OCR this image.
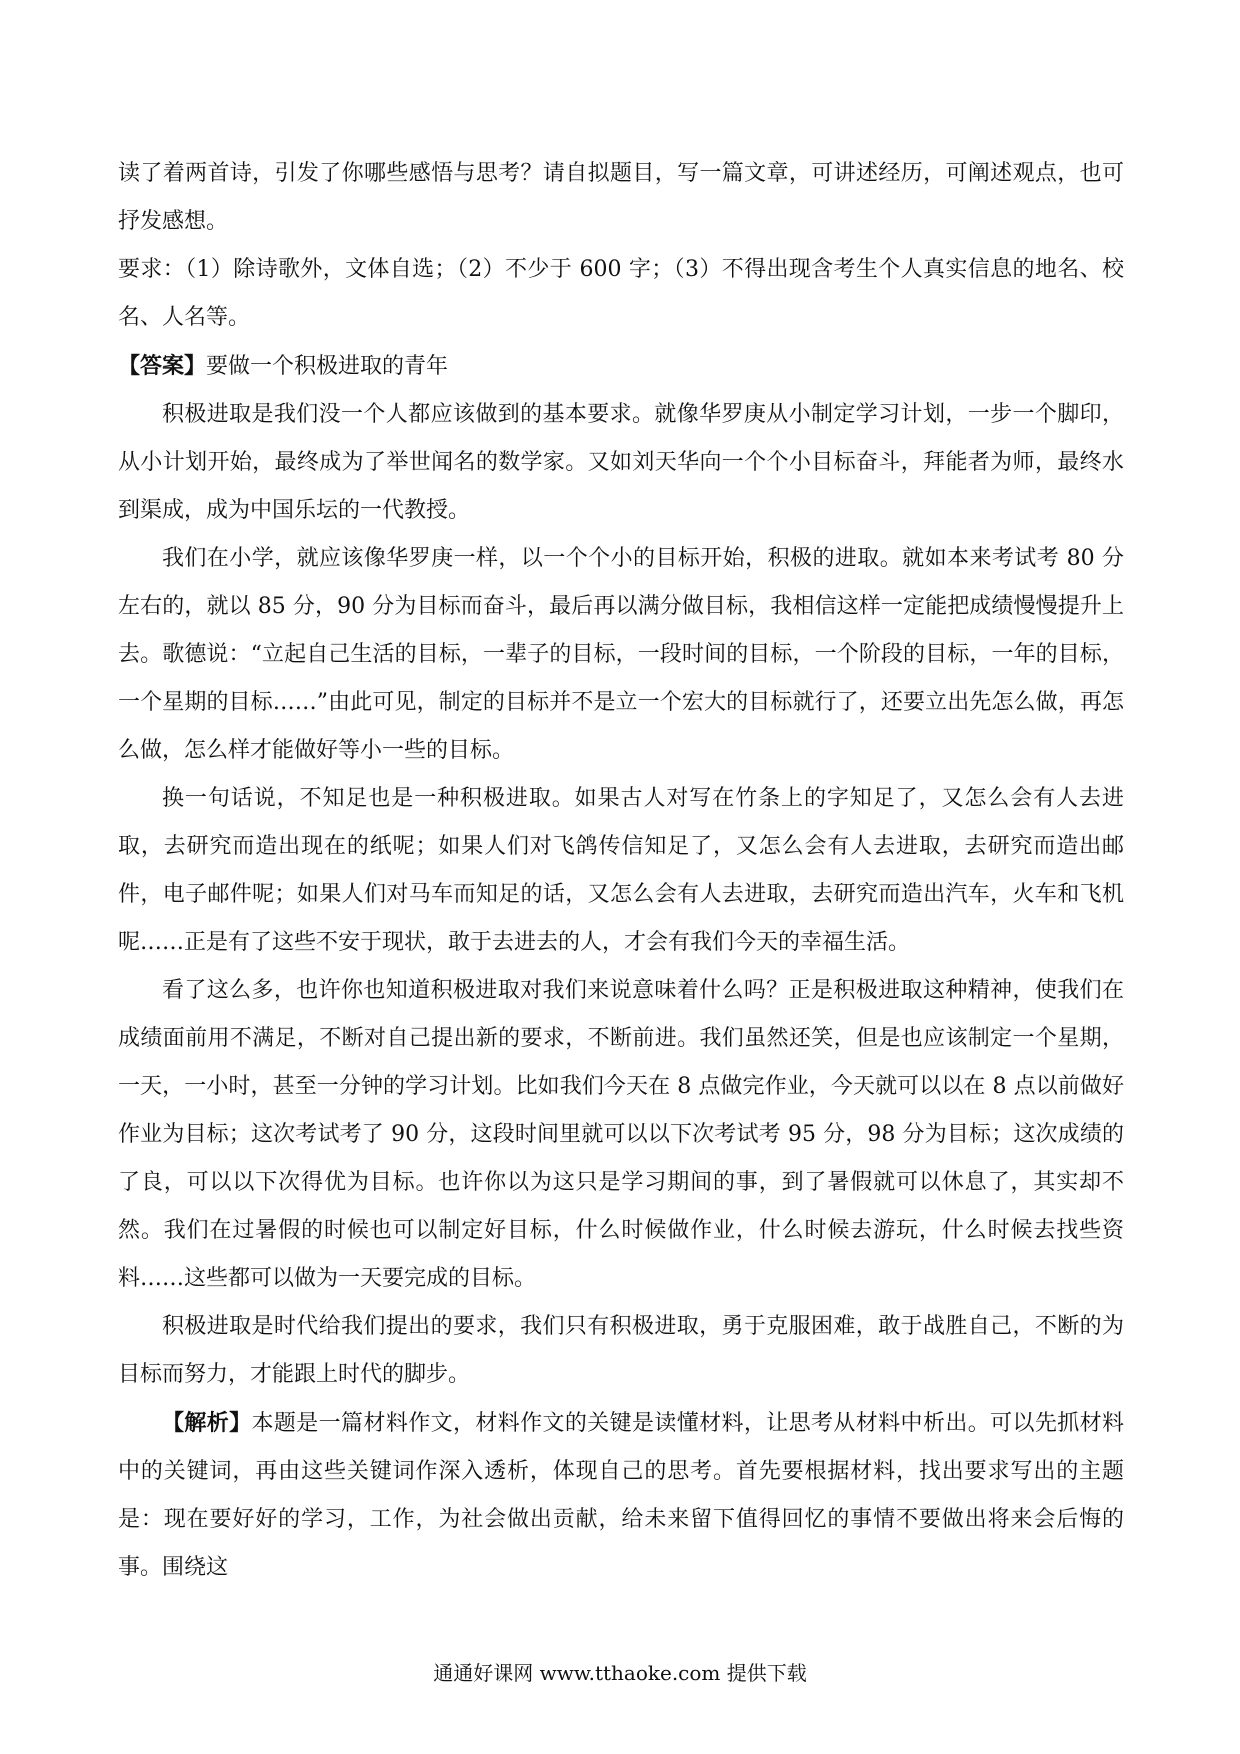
读了着两首诗，引发了你哪些感悟与思考？请自拟题目，写一篇文章，可讲述经历，可阐述观点，也可抒发感想。

要求：（1）除诗歌外，文体自选；（2）不少于 600 字；（3）不得出现含考生个人真实信息的地名、校名、人名等。

【答案】要做一个积极进取的青年

积极进取是我们没一个人都应该做到的基本要求。就像华罗庚从小制定学习计划，一步一个脚印，从小计划开始，最终成为了举世闻名的数学家。又如刘天华向一个个小目标奋斗，拜能者为师，最终水到渠成，成为中国乐坛的一代教授。

我们在小学，就应该像华罗庚一样，以一个个小的目标开始，积极的进取。就如本来考试考 80 分左右的，就以 85 分，90 分为目标而奋斗，最后再以满分做目标，我相信这样一定能把成绩慢慢提升上去。歌德说：“立起自己生活的目标，一辈子的目标，一段时间的目标，一个阶段的目标，一年的目标，一个星期的目标……”由此可见，制定的目标并不是立一个宏大的目标就行了，还要立出先怎么做，再怎么做，怎么样才能做好等小一些的目标。

换一句话说，不知足也是一种积极进取。如果古人对写在竹条上的字知足了，又怎么会有人去进取，去研究而造出现在的纸呢；如果人们对飞鸽传信知足了，又怎么会有人去进取，去研究而造出邮件，电子邮件呢；如果人们对马车而知足的话，又怎么会有人去进取，去研究而造出汽车，火车和飞机呢……正是有了这些不安于现状，敢于去进去的人，才会有我们今天的幸福生活。

看了这么多，也许你也知道积极进取对我们来说意味着什么吗？正是积极进取这种精神，使我们在成绩面前用不满足，不断对自己提出新的要求，不断前进。我们虽然还笑，但是也应该制定一个星期，一天，一小时，甚至一分钟的学习计划。比如我们今天在 8 点做完作业，今天就可以以在 8 点以前做好作业为目标；这次考试考了 90 分，这段时间里就可以以下次考试考 95 分，98 分为目标；这次成绩的了良，可以以下次得优为目标。也许你以为这只是学习期间的事，到了暑假就可以休息了，其实却不然。我们在过暑假的时候也可以制定好目标，什么时候做作业，什么时候去游玩，什么时候去找些资料……这些都可以做为一天要完成的目标。

积极进取是时代给我们提出的要求，我们只有积极进取，勇于克服困难，敢于战胜自己，不断的为目标而努力，才能跟上时代的脚步。

【解析】本题是一篇材料作文，材料作文的关键是读懂材料，让思考从材料中析出。可以先抓材料中的关键词，再由这些关键词作深入透析，体现自己的思考。首先要根据材料，找出要求写出的主题是：现在要好好的学习，工作，为社会做出贡献，给未来留下值得回忆的事情不要做出将来会后悔的事。围绕这

通通好课网 www.tthaoke.com 提供下载
